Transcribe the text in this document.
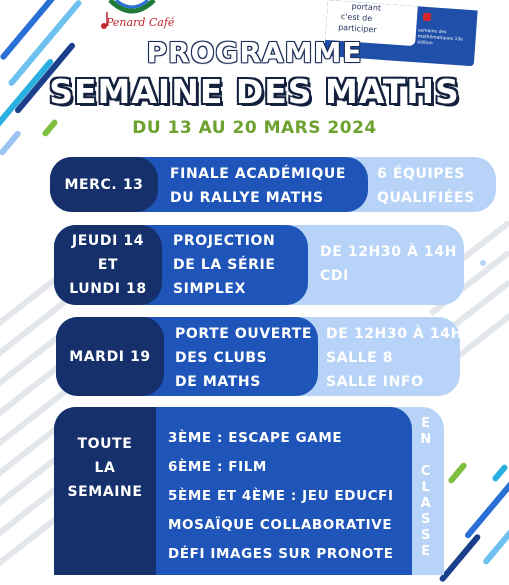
Penard Café
portant
c'est de
participer	semaine des mathématiques 13e édition
PROGRAMME
SEMAINE DES MATHS
DU 13 AU 20 MARS 2024
MERC. 13
FINALE ACADÉMIQUE
DU RALLYE MATHS
6 ÉQUIPES
QUALIFIÉES
JEUDI 14
ET
LUNDI 18
PROJECTION
DE LA SÉRIE
SIMPLEX
DE 12H30 À 14H
CDI
MARDI 19
PORTE OUVERTE
DES CLUBS
DE MATHS
DE 12H30 À 14H
SALLE 8
SALLE INFO
TOUTE
LA
SEMAINE
3ÈME : ESCAPE GAME
6ÈME : FILM
5ÈME ET 4ÈME : JEU EDUCFI
MOSAÏQUE COLLABORATIVE
DÉFI IMAGES SUR PRONOTE
E
N

C
L
A
S
S
E
